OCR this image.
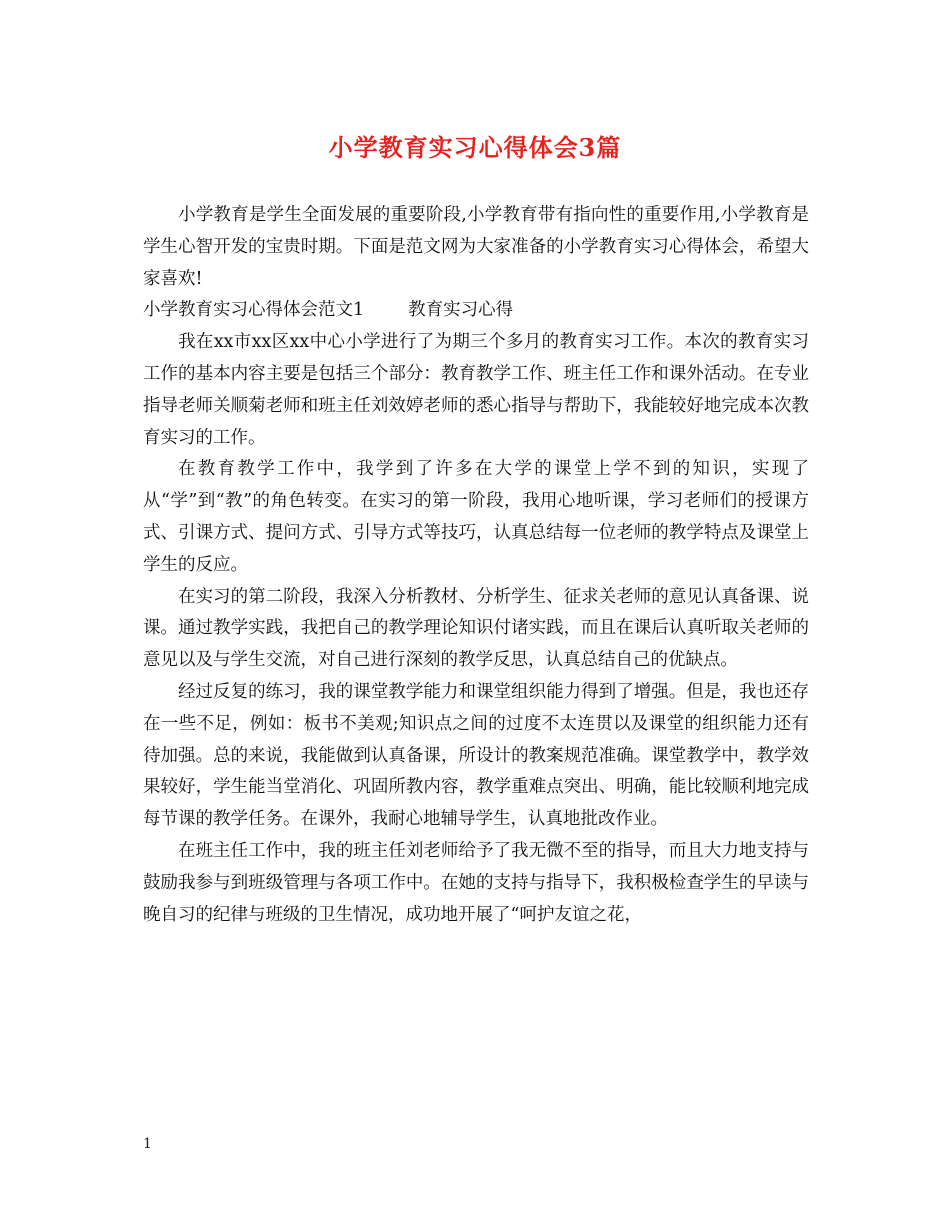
小学教育实习心得体会3篇

小学教育是学生全面发展的重要阶段,小学教育带有指向性的重要作用,小学教育是学生心智开发的宝贵时期。下面是范文网为大家准备的小学教育实习心得体会，希望大家喜欢!

小学教育实习心得体会范文1	教育实习心得

我在xx市xx区xx中心小学进行了为期三个多月的教育实习工作。本次的教育实习工作的基本内容主要是包括三个部分：教育教学工作、班主任工作和课外活动。在专业指导老师关顺菊老师和班主任刘效婷老师的悉心指导与帮助下，我能较好地完成本次教育实习的工作。

在教育教学工作中，我学到了许多在大学的课堂上学不到的知识，实现了从“学”到“教”的角色转变。在实习的第一阶段，我用心地听课，学习老师们的授课方式、引课方式、提问方式、引导方式等技巧，认真总结每一位老师的教学特点及课堂上学生的反应。

在实习的第二阶段，我深入分析教材、分析学生、征求关老师的意见认真备课、说课。通过教学实践，我把自己的教学理论知识付诸实践，而且在课后认真听取关老师的意见以及与学生交流，对自己进行深刻的教学反思，认真总结自己的优缺点。

经过反复的练习，我的课堂教学能力和课堂组织能力得到了增强。但是，我也还存在一些不足，例如：板书不美观;知识点之间的过度不太连贯以及课堂的组织能力还有待加强。总的来说，我能做到认真备课，所设计的教案规范准确。课堂教学中，教学效果较好，学生能当堂消化、巩固所教内容，教学重难点突出、明确，能比较顺利地完成每节课的教学任务。在课外，我耐心地辅导学生，认真地批改作业。

在班主任工作中，我的班主任刘老师给予了我无微不至的指导，而且大力地支持与鼓励我参与到班级管理与各项工作中。在她的支持与指导下，我积极检查学生的早读与晚自习的纪律与班级的卫生情况，成功地开展了“呵护友谊之花，

1
